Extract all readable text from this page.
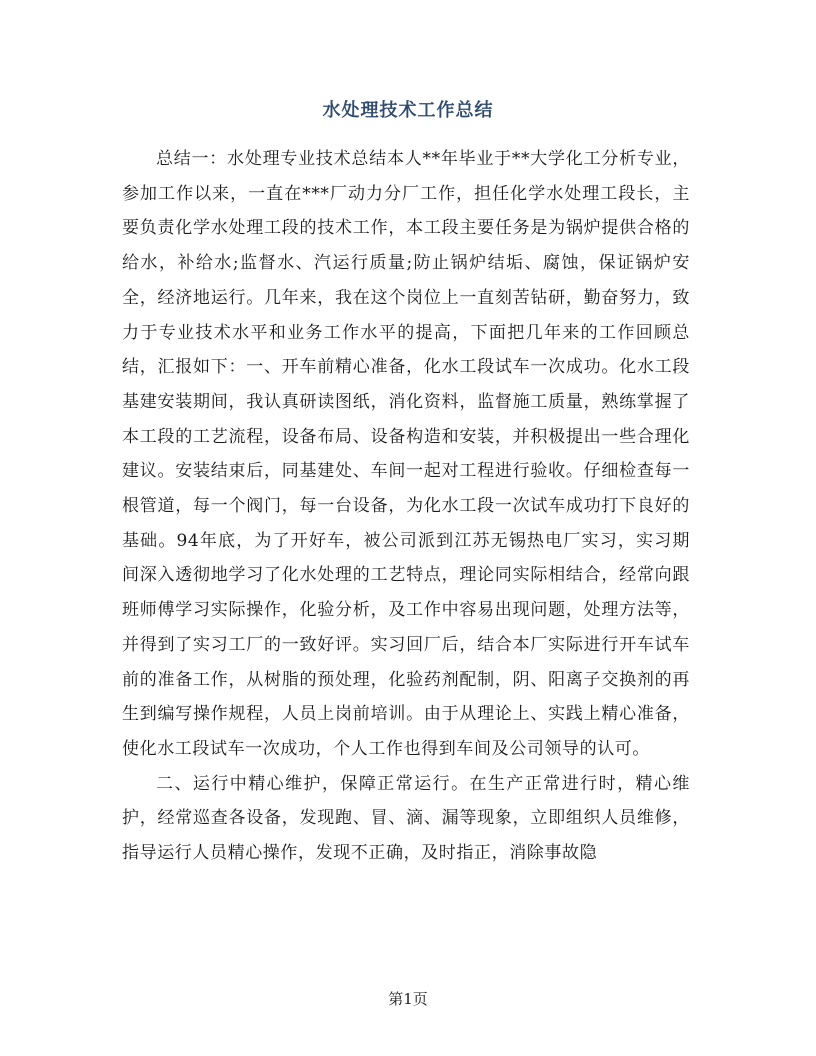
水处理技术工作总结

总结一：水处理专业技术总结本人**年毕业于**大学化工分析专业，参加工作以来，一直在***厂动力分厂工作，担任化学水处理工段长，主要负责化学水处理工段的技术工作，本工段主要任务是为锅炉提供合格的给水，补给水;监督水、汽运行质量;防止锅炉结垢、腐蚀，保证锅炉安全，经济地运行。几年来，我在这个岗位上一直刻苦钻研，勤奋努力，致力于专业技术水平和业务工作水平的提高，下面把几年来的工作回顾总结，汇报如下：一、开车前精心准备，化水工段试车一次成功。化水工段基建安装期间，我认真研读图纸，消化资料，监督施工质量，熟练掌握了本工段的工艺流程，设备布局、设备构造和安装，并积极提出一些合理化建议。安装结束后，同基建处、车间一起对工程进行验收。仔细检查每一根管道，每一个阀门，每一台设备，为化水工段一次试车成功打下良好的基础。94年底，为了开好车，被公司派到江苏无锡热电厂实习，实习期间深入透彻地学习了化水处理的工艺特点，理论同实际相结合，经常向跟班师傅学习实际操作，化验分析，及工作中容易出现问题，处理方法等，并得到了实习工厂的一致好评。实习回厂后，结合本厂实际进行开车试车前的准备工作，从树脂的预处理，化验药剂配制，阴、阳离子交换剂的再生到编写操作规程，人员上岗前培训。由于从理论上、实践上精心准备，使化水工段试车一次成功，个人工作也得到车间及公司领导的认可。

二、运行中精心维护，保障正常运行。在生产正常进行时，精心维护，经常巡查各设备，发现跑、冒、滴、漏等现象，立即组织人员维修，指导运行人员精心操作，发现不正确，及时指正，消除事故隐

第1页
